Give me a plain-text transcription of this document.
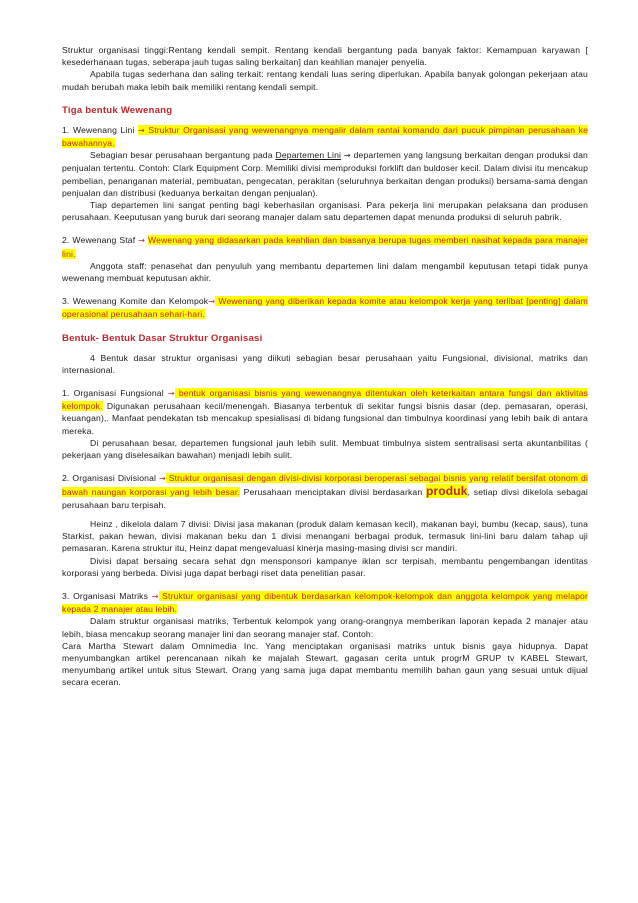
Struktur organisasi tinggi:Rentang kendali sempit. Rentang kendali bergantung pada banyak faktor: Kemampuan karyawan [ kesederhanaan tugas, seberapa jauh tugas saling berkaitan] dan keahlian manajer penyelia.

Apabila tugas sederhana dan saling terkait: rentang kendali luas sering diperlukan. Apabila banyak golongan pekerjaan atau mudah berubah maka lebih baik memiliki rentang kendali sempit.

Tiga bentuk Wewenang

1. Wewenang Lini → Struktur Organisasi yang wewenangnya mengalir dalam rantai komando dari pucuk pimpinan perusahaan ke bawahannya.

Sebagian besar perusahaan bergantung pada Departemen Lini → departemen yang langsung berkaitan dengan produksi dan penjualan tertentu. Contoh: Clark Equipment Corp. Memiliki divisi memproduksi forklift dan buldoser kecil. Dalam divisi itu mencakup pembelian, penanganan material, pembuatan, pengecatan, perakitan (seluruhnya berkaitan dengan produksi) bersama-sama dengan penjualan dan distribusi (keduanya berkaitan dengan penjualan).

Tiap departemen lini sangat penting bagi keberhasilan organisasi. Para pekerja lini merupakan pelaksana dan produsen perusahaan. Keeputusan yang buruk dari seorang manajer dalam satu departemen dapat menunda produksi di seluruh pabrik.

2. Wewenang Staf → Wewenang yang didasarkan pada keahlian dan biasanya berupa tugas memberi nasihat kepada para manajer lini.

Anggota staff: penasehat dan penyuluh yang membantu departemen lini dalam mengambil keputusan tetapi tidak punya wewenang membuat keputusan akhir.

3. Wewenang Komite dan Kelompok→ Wewenang yang diberikan kepada komite atau kelompok kerja yang terlibat [penting] dalam operasional perusahaan sehari-hari.

Bentuk- Bentuk Dasar Struktur Organisasi

4 Bentuk dasar struktur organisasi yang diikuti sebagian besar perusahaan yaitu Fungsional, divisional, matriks dan internasional.

1. Organisasi Fungsional → bentuk organisasi bisnis yang wewenangnya ditentukan oleh keterkaitan antara fungsi dan aktivitas kelompok. Digunakan perusahaan kecil/menengah. Biasanya terbentuk di sekitar fungsi bisnis dasar (dep. pemasaran, operasi, keuangan),. Manfaat pendekatan tsb mencakup spesialisasi di bidang fungsional dan timbulnya koordinasi yang lebih baik di antara mereka.

Di perusahaan besar, departemen fungsional jauh lebih sulit. Membuat timbulnya sistem sentralisasi serta akuntanbilitas ( pekerjaan yang diselesaikan bawahan) menjadi lebih sulit.

2. Organisasi Divisional → Struktur organisasi dengan divisi-divisi korporasi beroperasi sebagai bisnis yang relatif bersifat otonom di bawah naungan korporasi yang lebih besar. Perusahaan menciptakan divisi berdasarkan produk, setiap divsi dikelola sebagai perusahaan baru terpisah.

Heinz , dikelola dalam 7 divisi: Divisi jasa makanan (produk dalam kemasan kecil), makanan bayi, bumbu (kecap, saus), tuna Starkist, pakan hewan, divisi makanan beku dan 1 divisi menangani berbagai produk, termasuk lini-lini baru dalam tahap uji pemasaran. Karena struktur itu, Heinz dapat mengevaluasi kinerja masing-masing divisi scr mandiri.

Divisi dapat bersaing secara sehat dgn mensponsori kampanye iklan scr terpisah, membantu pengembangan identitas korporasi yang berbeda. Divisi juga dapat berbagi riset data penelitian pasar.

3. Organisasi Matriks → Struktur organisasi yang dibentuk berdasarkan kelompok-kelompok dan anggota kelompok yang melapor kepada 2 manajer atau lebih.

Dalam struktur organisasi matriks, Terbentuk kelompok yang orang-orangnya memberikan laporan kepada 2 manajer atau lebih, biasa mencakup seorang manajer lini dan seorang manajer staf. Contoh:

Cara Martha Stewart dalam Omnimedia Inc. Yang menciptakan organisasi matriks untuk bisnis gaya hidupnya. Dapat menyumbangkan artikel perencanaan nikah ke majalah Stewart, gagasan cerita untuk progrM GRUP tv KABEL Stewart, menyumbang artikel untuk situs Stewart. Orang yang sama juga dapat membantu memilih bahan gaun yang sesuai untuk dijual secara eceran.
